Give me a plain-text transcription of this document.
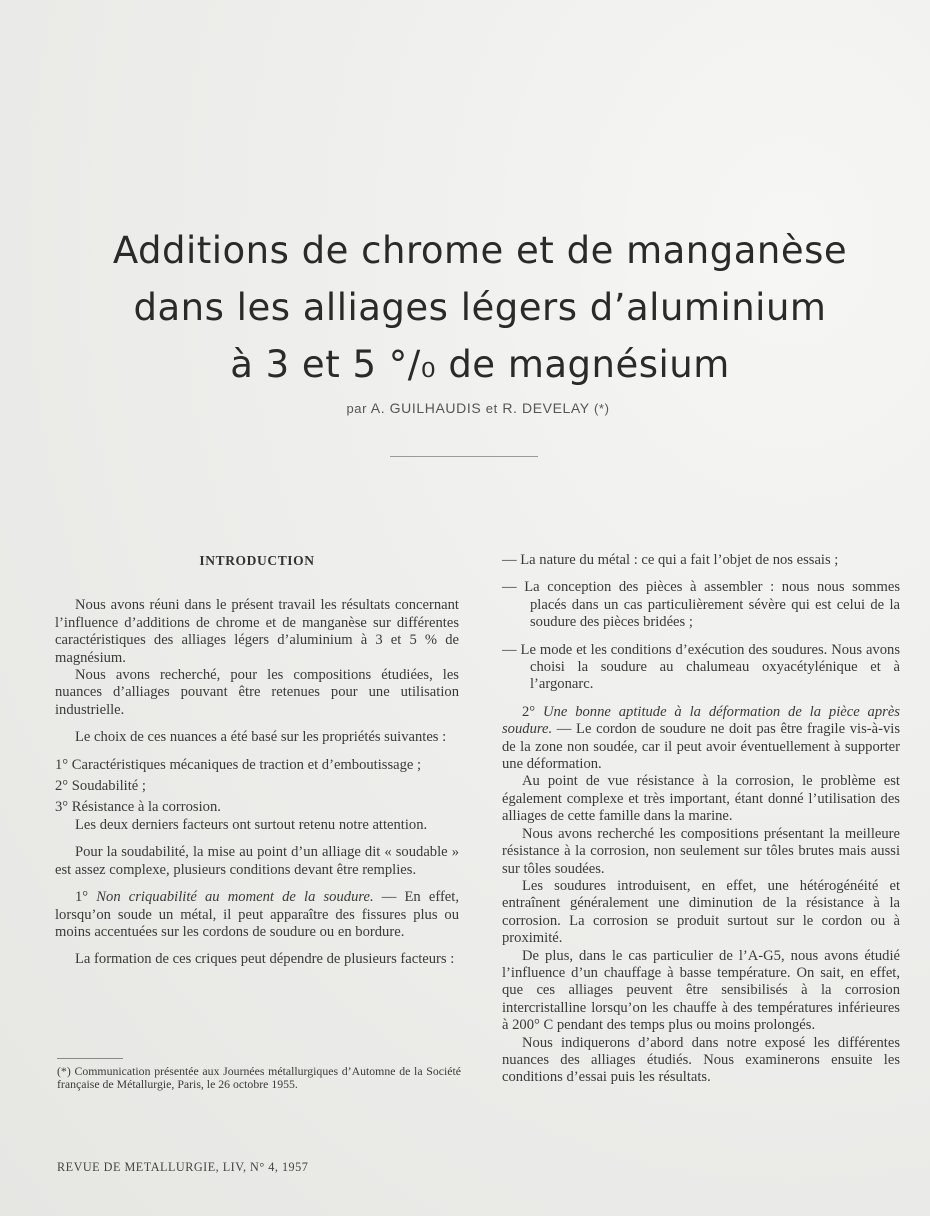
Additions de chrome et de manganèse
dans les alliages légers d’aluminium
à 3 et 5 °/₀ de magnésium
par A. GUILHAUDIS et R. DEVELAY (*)
INTRODUCTION

Nous avons réuni dans le présent travail les résultats concernant l’influence d’additions de chrome et de manganèse sur différentes caractéristiques des alliages légers d’aluminium à 3 et 5 % de magnésium.

Nous avons recherché, pour les compositions étudiées, les nuances d’alliages pouvant être retenues pour une utilisation industrielle.

Le choix de ces nuances a été basé sur les propriétés suivantes :

1° Caractéristiques mécaniques de traction et d’emboutissage ;

2° Soudabilité ;

3° Résistance à la corrosion.

Les deux derniers facteurs ont surtout retenu notre attention.

Pour la soudabilité, la mise au point d’un alliage dit « soudable » est assez complexe, plusieurs conditions devant être remplies.

1° Non criquabilité au moment de la soudure. — En effet, lorsqu’on soude un métal, il peut apparaître des fissures plus ou moins accentuées sur les cordons de soudure ou en bordure.

La formation de ces criques peut dépendre de plusieurs facteurs :

(*) Communication présentée aux Journées métallurgiques d’Automne de la Société française de Métallurgie, Paris, le 26 octobre 1955.
REVUE DE METALLURGIE, LIV, N° 4, 1957

— La nature du métal : ce qui a fait l’objet de nos essais ;

— La conception des pièces à assembler : nous nous sommes placés dans un cas particulièrement sévère qui est celui de la soudure des pièces bridées ;

— Le mode et les conditions d’exécution des soudures. Nous avons choisi la soudure au chalumeau oxyacétylénique et à l’argonarc.

2° Une bonne aptitude à la déformation de la pièce après soudure. — Le cordon de soudure ne doit pas être fragile vis-à-vis de la zone non soudée, car il peut avoir éventuellement à supporter une déformation.

Au point de vue résistance à la corrosion, le problème est également complexe et très important, étant donné l’utilisation des alliages de cette famille dans la marine.

Nous avons recherché les compositions présentant la meilleure résistance à la corrosion, non seulement sur tôles brutes mais aussi sur tôles soudées.

Les soudures introduisent, en effet, une hétérogénéité et entraînent généralement une diminution de la résistance à la corrosion. La corrosion se produit surtout sur le cordon ou à proximité.

De plus, dans le cas particulier de l’A-G5, nous avons étudié l’influence d’un chauffage à basse température. On sait, en effet, que ces alliages peuvent être sensibilisés à la corrosion intercristalline lorsqu’on les chauffe à des températures inférieures à 200° C pendant des temps plus ou moins prolongés.

Nous indiquerons d’abord dans notre exposé les différentes nuances des alliages étudiés. Nous examinerons ensuite les conditions d’essai puis les résultats.
